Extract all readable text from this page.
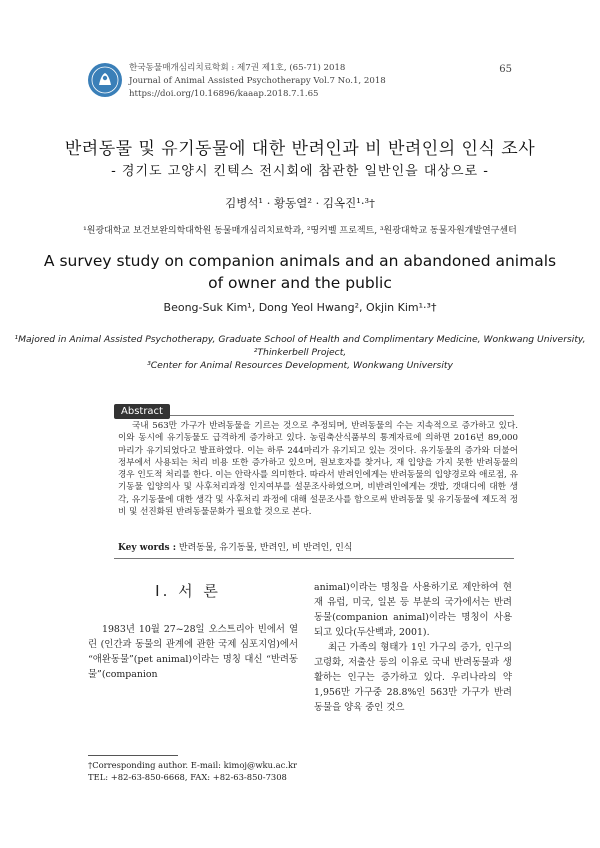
한국동물매개심리치료학회 : 제7권 제1호, (65-71) 2018
Journal of Animal Assisted Psychotherapy Vol.7 No.1, 2018
https://doi.org/10.16896/kaaap.2018.7.1.65
65
반려동물 및 유기동물에 대한 반려인과 비 반려인의 인식 조사
- 경기도 고양시 킨텍스 전시회에 참관한 일반인을 대상으로 -
김병석¹ · 황동열² · 김옥진¹·³†
¹원광대학교 보건보완의학대학원 동물매개심리치료학과, ²띵커벨 프로젝트, ³원광대학교 동물자원개발연구센터
A survey study on companion animals and an abandoned animals
of owner and the public
Beong-Suk Kim¹, Dong Yeol Hwang², Okjin Kim¹·³†
¹Majored in Animal Assisted Psychotherapy, Graduate School of Health and Complimentary Medicine, Wonkwang University,
²Thinkerbell Project,
³Center for Animal Resources Development, Wonkwang University
Abstract
국내 563만 가구가 반려동물을 기르는 것으로 추정되며, 반려동물의 수는 지속적으로 증가하고 있다. 이와 동시에 유기동물도 급격하게 증가하고 있다. 농림축산식품부의 통계자료에 의하면 2016년 89,000 마리가 유기되었다고 발표하였다. 이는 하루 244마리가 유기되고 있는 것이다. 유기동물의 증가와 더불어 정부에서 사용되는 처리 비용 또한 증가하고 있으며, 원보호자를 찾거나, 재 입양을 가지 못한 반려동물의 경우 인도적 처리를 한다. 이는 안락사를 의미한다. 따라서 반려인에게는 반려동물의 입양경로와 애로점, 유기동물 입양의사 및 사후처리과정 인지여부를 설문조사하였으며, 비반려인에게는 갯밥, 갯대디에 대한 생각, 유기동물에 대한 생각 및 사후처리 과정에 대해 설문조사를 함으로써 반려동물 및 유기동물에 제도적 정비 및 선진화된 반려동물문화가 필요할 것으로 본다.
Key words : 반려동물, 유기동물, 반려인, 비 반려인, 인식
Ⅰ. 서 론
1983년 10월 27~28일 오스트리아 빈에서 열린 (인간과 동물의 관계에 관한 국제 심포지엄)에서 “애완동물”(pet animal)이라는 명칭 대신 “반려동물”(companion

animal)이라는 명칭을 사용하기로 제안하여 현재 유럽, 미국, 일본 등 부분의 국가에서는 반려동물(companion animal)이라는 명칭이 사용되고 있다(두산백과, 2001).

최근 가족의 형태가 1인 가구의 증가, 인구의 고령화, 저출산 등의 이유로 국내 반려동물과 생활하는 인구는 증가하고 있다. 우리나라의 약 1,956만 가구중 28.8%인 563만 가구가 반려동물을 양육 중인 것으

†Corresponding author. E-mail: kimoj@wku.ac.kr
TEL: +82-63-850-6668, FAX: +82-63-850-7308
